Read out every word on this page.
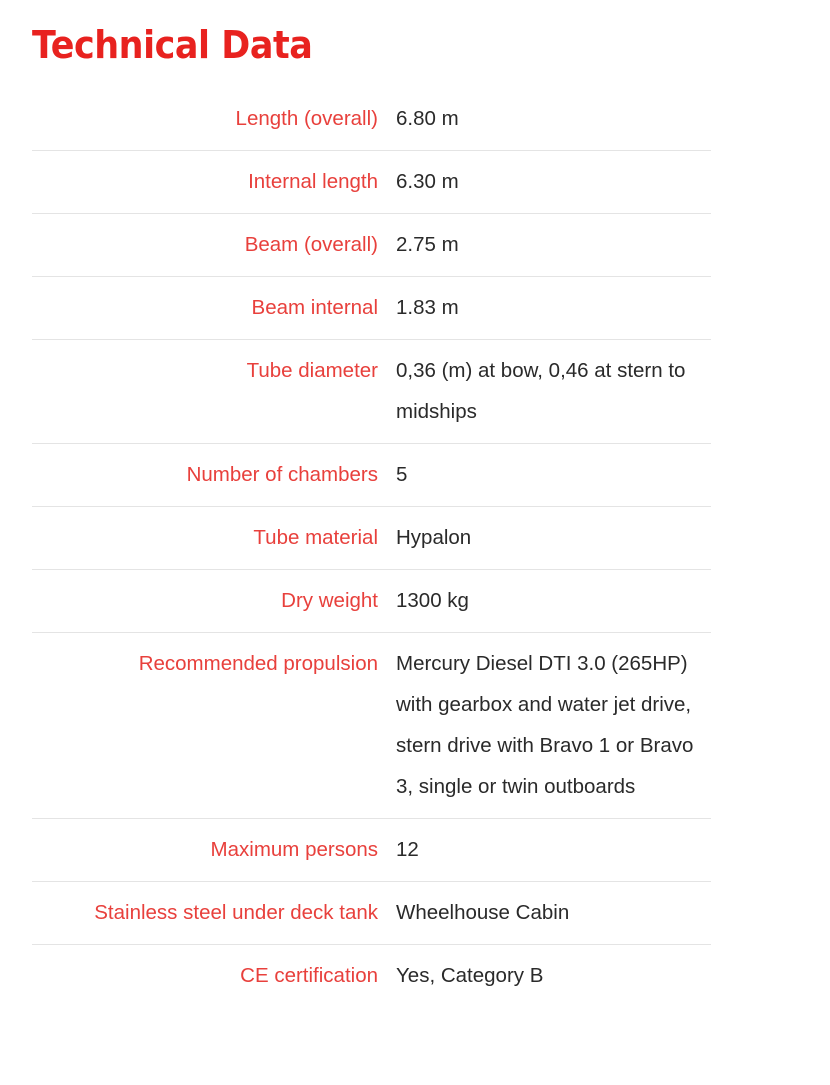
Technical Data
Length (overall)	6.80 m
Internal length	6.30 m
Beam (overall)	2.75 m
Beam internal	1.83 m
Tube diameter	0,36 (m) at bow, 0,46 at stern to midships
Number of chambers	5
Tube material	Hypalon
Dry weight	1300 kg
Recommended propulsion	Mercury Diesel DTI 3.0 (265HP) with gearbox and water jet drive, stern drive with Bravo 1 or Bravo 3, single or twin outboards
Maximum persons	12
Stainless steel under deck tank	Wheelhouse Cabin
CE certification	Yes, Category B
